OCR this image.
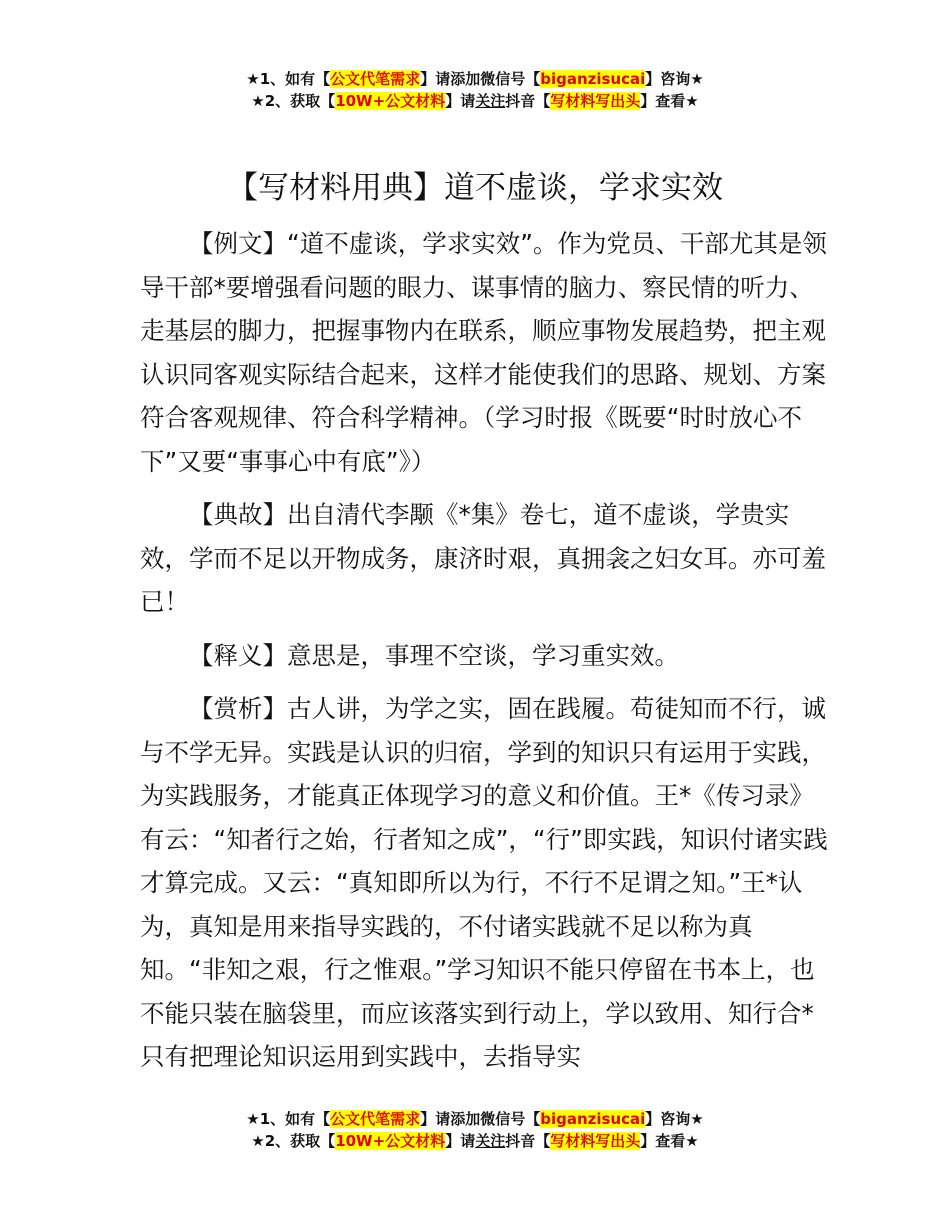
★1、如有【公文代笔需求】请添加微信号【biganzisucai】咨询★
★2、获取【10W+公文材料】请关注抖音【写材料写出头】查看★
【写材料用典】道不虚谈，学求实效

【例文】“道不虚谈，学求实效”。作为党员、干部尤其是领导干部*要增强看问题的眼力、谋事情的脑力、察民情的听力、走基层的脚力，把握事物内在联系，顺应事物发展趋势，把主观认识同客观实际结合起来，这样才能使我们的思路、规划、方案符合客观规律、符合科学精神。（学习时报《既要“时时放心不下”又要“事事心中有底”》）

【典故】出自清代李颙《*集》卷七，道不虚谈，学贵实效，学而不足以开物成务，康济时艰，真拥衾之妇女耳。亦可羞已！

【释义】意思是，事理不空谈，学习重实效。

【赏析】古人讲，为学之实，固在践履。苟徒知而不行，诚与不学无异。实践是认识的归宿，学到的知识只有运用于实践，为实践服务，才能真正体现学习的意义和价值。王*《传习录》有云：“知者行之始，行者知之成”，“行”即实践，知识付诸实践才算完成。又云：“真知即所以为行，不行不足谓之知。”王*认为，真知是用来指导实践的，不付诸实践就不足以称为真知。“非知之艰，行之惟艰。”学习知识不能只停留在书本上，也不能只装在脑袋里，而应该落实到行动上，学以致用、知行合*只有把理论知识运用到实践中，去指导实

★1、如有【公文代笔需求】请添加微信号【biganzisucai】咨询★
★2、获取【10W+公文材料】请关注抖音【写材料写出头】查看★
